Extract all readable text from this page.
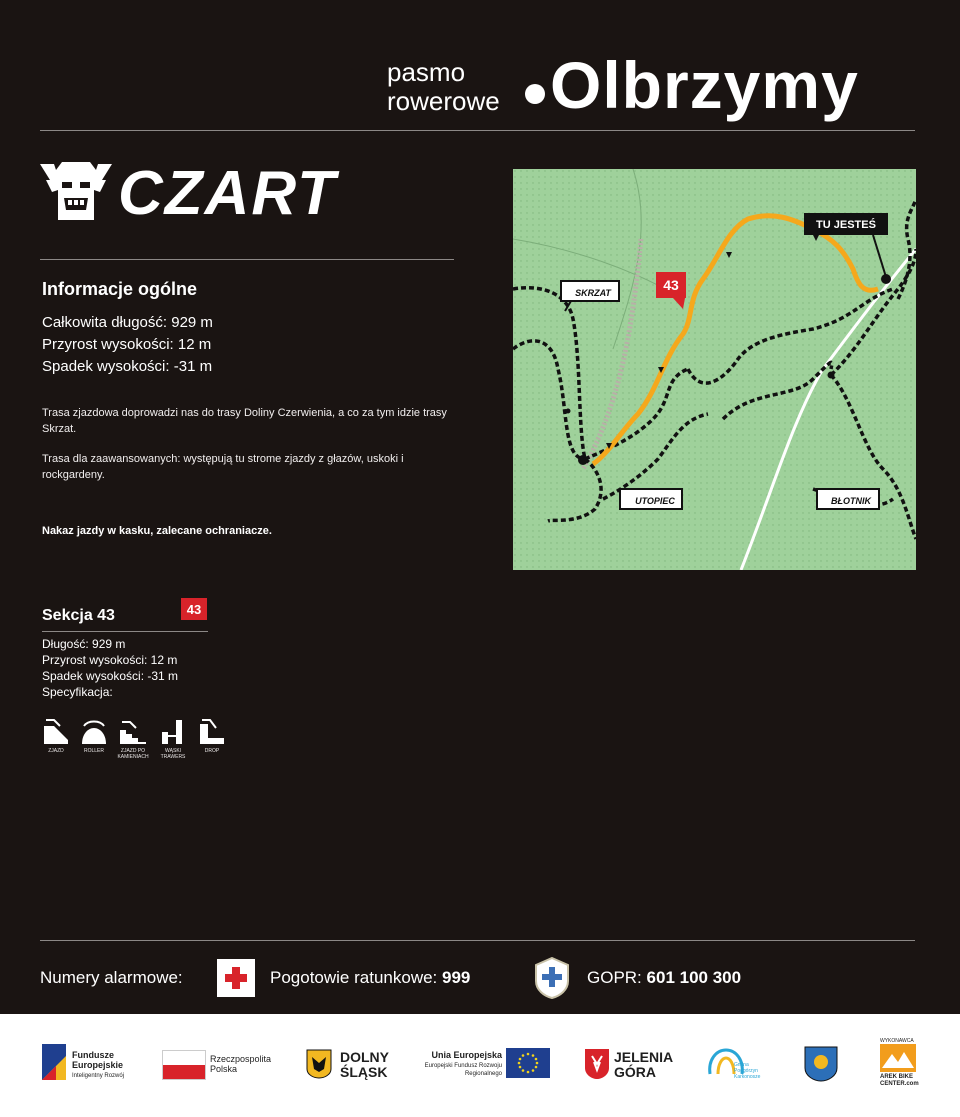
pasmo
rowerowe Olbrzymy
CZART
Informacje ogólne
Całkowita długość: 929 m
Przyrost wysokości: 12 m
Spadek wysokości: -31 m
Trasa zjazdowa doprowadzi nas do trasy Doliny Czerwienia, a co za tym idzie trasy Skrzat.
Trasa dla zaawansowanych: występują tu strome zjazdy z głazów, uskoki i rockgardeny.
Nakaz jazdy w kasku, zalecane ochraniacze.
TU JESTEŚ
43
SKRZAT
UTOPIEC	BŁOTNIK
Sekcja 43	43
Długość: 929 m
Przyrost wysokości: 12 m
Spadek wysokości: -31 m
Specyfikacja:
ZJAZD	ROLLER	ZJAZD PO KAMIENIACH
WĄSKI TRAWERS
DROP
Numery alarmowe:	Pogotowie ratunkowe: 999	GOPR: 601 100 300
Fundusze Europejskie
Inteligentny Rozwój
Rzeczpospolita Polska
DOLNY ŚLĄSK
Unia Europejska
Europejski Fundusz Rozwoju Regionalnego
JELENIA GÓRA	Gmina Podgórzyn Karkonosze
WYKONAWCA
AREK BIKE CENTER.com
